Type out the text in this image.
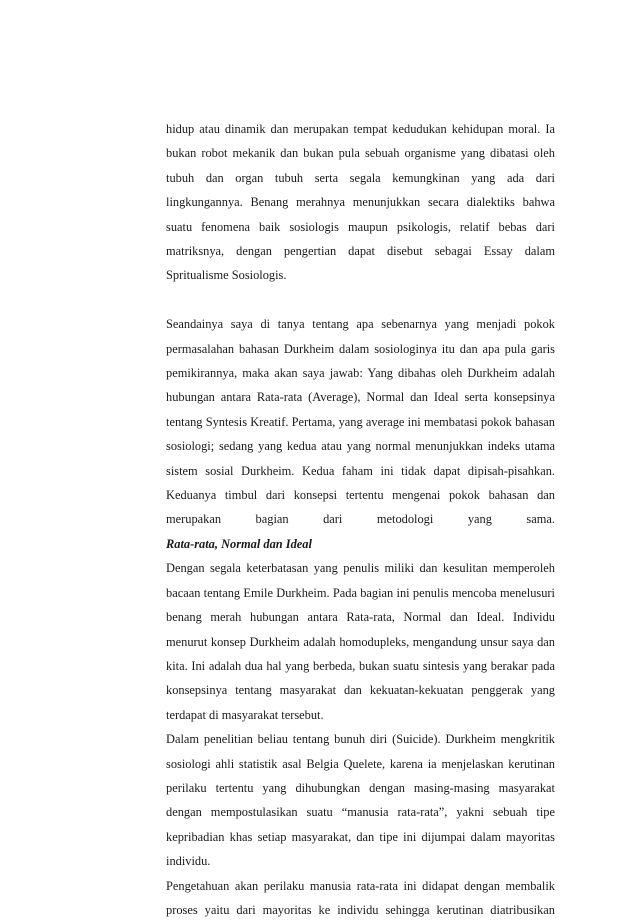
hidup atau dinamik dan merupakan tempat kedudukan kehidupan moral. Ia bukan robot mekanik dan bukan pula sebuah organisme yang dibatasi oleh tubuh dan organ tubuh serta segala kemungkinan yang ada dari lingkungannya. Benang merahnya menunjukkan secara dialektiks bahwa suatu fenomena baik sosiologis maupun psikologis, relatif bebas dari matriksnya, dengan pengertian dapat disebut sebagai Essay dalam Spritualisme Sosiologis.

Seandainya saya di tanya tentang apa sebenarnya yang menjadi pokok permasalahan bahasan Durkheim dalam sosiologinya itu dan apa pula garis pemikirannya, maka akan saya jawab: Yang dibahas oleh Durkheim adalah hubungan antara Rata-rata (Average), Normal dan Ideal serta konsepsinya tentang Syntesis Kreatif. Pertama, yang average ini membatasi pokok bahasan sosiologi; sedang yang kedua atau yang normal menunjukkan indeks utama sistem sosial Durkheim. Kedua faham ini tidak dapat dipisah-pisahkan. Keduanya timbul dari konsepsi tertentu mengenai pokok bahasan dan merupakan bagian dari metodologi yang sama.

Rata-rata, Normal dan Ideal

Dengan segala keterbatasan yang penulis miliki dan kesulitan memperoleh bacaan tentang Emile Durkheim. Pada bagian ini penulis mencoba menelusuri benang merah hubungan antara Rata-rata, Normal dan Ideal. Individu menurut konsep Durkheim adalah homodupleks, mengandung unsur saya dan kita. Ini adalah dua hal yang berbeda, bukan suatu sintesis yang berakar pada konsepsinya tentang masyarakat dan kekuatan-kekuatan penggerak yang terdapat di masyarakat tersebut.

Dalam penelitian beliau tentang bunuh diri (Suicide). Durkheim mengkritik sosiologi ahli statistik asal Belgia Quelete, karena ia menjelaskan kerutinan perilaku tertentu yang dihubungkan dengan masing-masing masyarakat dengan mempostulasikan suatu “manusia rata-rata”, yakni sebuah tipe kepribadian khas setiap masyarakat, dan tipe ini dijumpai dalam mayoritas individu.

Pengetahuan akan perilaku manusia rata-rata ini didapat dengan membalik proses yaitu dari mayoritas ke individu sehingga kerutinan diatribusikan
